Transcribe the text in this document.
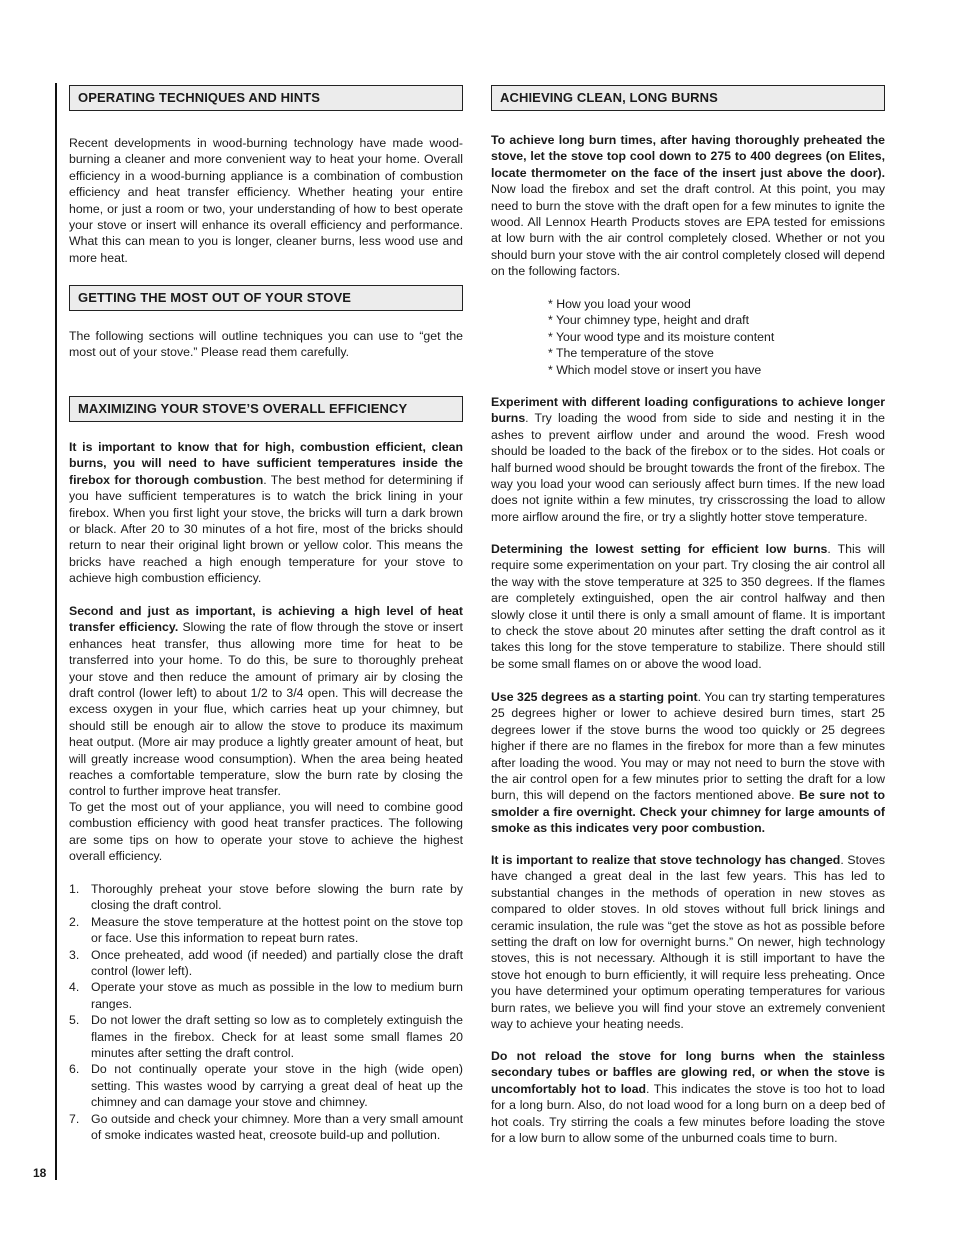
18
OPERATING TECHNIQUES AND HINTS

Recent developments in wood-burning technology have made wood-burning a cleaner and more convenient way to heat your home. Overall efficiency in a wood-burning appliance is a combination of combustion efficiency and heat transfer efficiency. Whether heating your entire home, or just a room or two, your understanding of how to best operate your stove or insert will enhance its overall efficiency and performance. What this can mean to you is longer, cleaner burns, less wood use and more heat.

GETTING THE MOST OUT OF YOUR STOVE

The following sections will outline techniques you can use to “get the most out of your stove.” Please read them carefully.

MAXIMIZING YOUR STOVE’S OVERALL EFFICIENCY

It is important to know that for high, combustion efficient, clean burns, you will need to have sufficient temperatures inside the firebox for thorough combustion. The best method for determining if you have sufficient temperatures is to watch the brick lining in your firebox. When you first light your stove, the bricks will turn a dark brown or black. After 20 to 30 minutes of a hot fire, most of the bricks should return to near their original light brown or yellow color. This means the bricks have reached a high enough temperature for your stove to achieve high combustion efficiency.

Second and just as important, is achieving a high level of heat transfer efficiency. Slowing the rate of flow through the stove or insert enhances heat transfer, thus allowing more time for heat to be transferred into your home. To do this, be sure to thoroughly preheat your stove and then reduce the amount of primary air by closing the draft control (lower left) to about 1/2 to 3/4 open. This will decrease the excess oxygen in your flue, which carries heat up your chimney, but should still be enough air to allow the stove to produce its maximum heat output. (More air may produce a lightly greater amount of heat, but will greatly increase wood consumption). When the area being heated reaches a comfortable temperature, slow the burn rate by closing the control to further improve heat transfer.

To get the most out of your appliance, you will need to combine good combustion efficiency with good heat transfer practices. The following are some tips on how to operate your stove to achieve the highest overall efficiency.

1. Thoroughly preheat your stove before slowing the burn rate by closing the draft control.
2. Measure the stove temperature at the hottest point on the stove top or face. Use this information to repeat burn rates.
3. Once preheated, add wood (if needed) and partially close the draft control (lower left).
4. Operate your stove as much as possible in the low to medium burn ranges.
5. Do not lower the draft setting so low as to completely extinguish the flames in the firebox. Check for at least some small flames 20 minutes after setting the draft control.
6. Do not continually operate your stove in the high (wide open) setting. This wastes wood by carrying a great deal of heat up the chimney and can damage your stove and chimney.
7. Go outside and check your chimney. More than a very small amount of smoke indicates wasted heat, creosote build-up and pollution.
ACHIEVING CLEAN, LONG BURNS

To achieve long burn times, after having thoroughly preheated the stove, let the stove top cool down to 275 to 400 degrees (on Elites, locate thermometer on the face of the insert just above the door). Now load the firebox and set the draft control. At this point, you may need to burn the stove with the draft open for a few minutes to ignite the wood. All Lennox Hearth Products stoves are EPA tested for emissions at low burn with the air control completely closed. Whether or not you should burn your stove with the air control completely closed will depend on the following factors.

* How you load your wood
* Your chimney type, height and draft
* Your wood type and its moisture content
* The temperature of the stove
* Which model stove or insert you have

Experiment with different loading configurations to achieve longer burns. Try loading the wood from side to side and nesting it in the ashes to prevent airflow under and around the wood. Fresh wood should be loaded to the back of the firebox or to the sides. Hot coals or half burned wood should be brought towards the front of the firebox. The way you load your wood can seriously affect burn times. If the new load does not ignite within a few minutes, try crisscrossing the load to allow more airflow around the fire, or try a slightly hotter stove temperature.

Determining the lowest setting for efficient low burns. This will require some experimentation on your part. Try closing the air control all the way with the stove temperature at 325 to 350 degrees. If the flames are completely extinguished, open the air control halfway and then slowly close it until there is only a small amount of flame. It is important to check the stove about 20 minutes after setting the draft control as it takes this long for the stove temperature to stabilize. There should still be some small flames on or above the wood load.

Use 325 degrees as a starting point. You can try starting temperatures 25 degrees higher or lower to achieve desired burn times, start 25 degrees lower if the stove burns the wood too quickly or 25 degrees higher if there are no flames in the firebox for more than a few minutes after loading the wood. You may or may not need to burn the stove with the air control open for a few minutes prior to setting the draft for a low burn, this will depend on the factors mentioned above. Be sure not to smolder a fire overnight. Check your chimney for large amounts of smoke as this indicates very poor combustion.

It is important to realize that stove technology has changed. Stoves have changed a great deal in the last few years. This has led to substantial changes in the methods of operation in new stoves as compared to older stoves. In old stoves without full brick linings and ceramic insulation, the rule was “get the stove as hot as possible before setting the draft on low for overnight burns.” On newer, high technology stoves, this is not necessary. Although it is still important to have the stove hot enough to burn efficiently, it will require less preheating. Once you have determined your optimum operating temperatures for various burn rates, we believe you will find your stove an extremely convenient way to achieve your heating needs.

Do not reload the stove for long burns when the stainless secondary tubes or baffles are glowing red, or when the stove is uncomfortably hot to load. This indicates the stove is too hot to load for a long burn. Also, do not load wood for a long burn on a deep bed of hot coals. Try stirring the coals a few minutes before loading the stove for a low burn to allow some of the unburned coals time to burn.
